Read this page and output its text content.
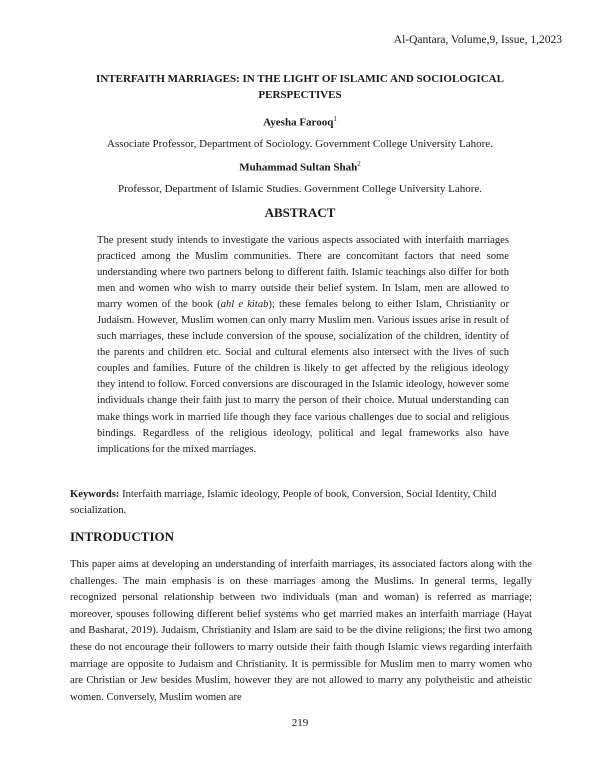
Al-Qantara, Volume,9, Issue, 1,2023
INTERFAITH MARRIAGES: IN THE LIGHT OF ISLAMIC AND SOCIOLOGICAL
PERSPECTIVES
Ayesha Farooq$^1$
Associate Professor, Department of Sociology. Government College University Lahore.
Muhammad Sultan Shah$^2$
Professor, Department of Islamic Studies. Government College University Lahore.
ABSTRACT

The present study intends to investigate the various aspects associated with interfaith marriages practiced among the Muslim communities. There are concomitant factors that need some understanding where two partners belong to different faith. Islamic teachings also differ for both men and women who wish to marry outside their belief system. In Islam, men are allowed to marry women of the book (ahl e kitab); these females belong to either Islam, Christianity or Judaism. However, Muslim women can only marry Muslim men. Various issues arise in result of such marriages, these include conversion of the spouse, socialization of the children, identity of the parents and children etc. Social and cultural elements also intersect with the lives of such couples and families. Future of the children is likely to get affected by the religious ideology they intend to follow. Forced conversions are discouraged in the Islamic ideology, however some individuals change their faith just to marry the person of their choice. Mutual understanding can make things work in married life though they face various challenges due to social and religious bindings. Regardless of the religious ideology, political and legal frameworks also have implications for the mixed marriages.

Keywords: Interfaith marriage, Islamic ideology, People of book, Conversion, Social Identity, Child socialization.

INTRODUCTION

This paper aims at developing an understanding of interfaith marriages, its associated factors along with the challenges. The main emphasis is on these marriages among the Muslims. In general terms, legally recognized personal relationship between two individuals (man and woman) is referred as marriage; moreover, spouses following different belief systems who get married makes an interfaith marriage (Hayat and Basharat, 2019). Judaism, Christianity and Islam are said to be the divine religions; the first two among these do not encourage their followers to marry outside their faith though Islamic views regarding interfaith marriage are opposite to Judaism and Christianity. It is permissible for Muslim men to marry women who are Christian or Jew besides Muslim, however they are not allowed to marry any polytheistic and atheistic women. Conversely, Muslim women are

219
